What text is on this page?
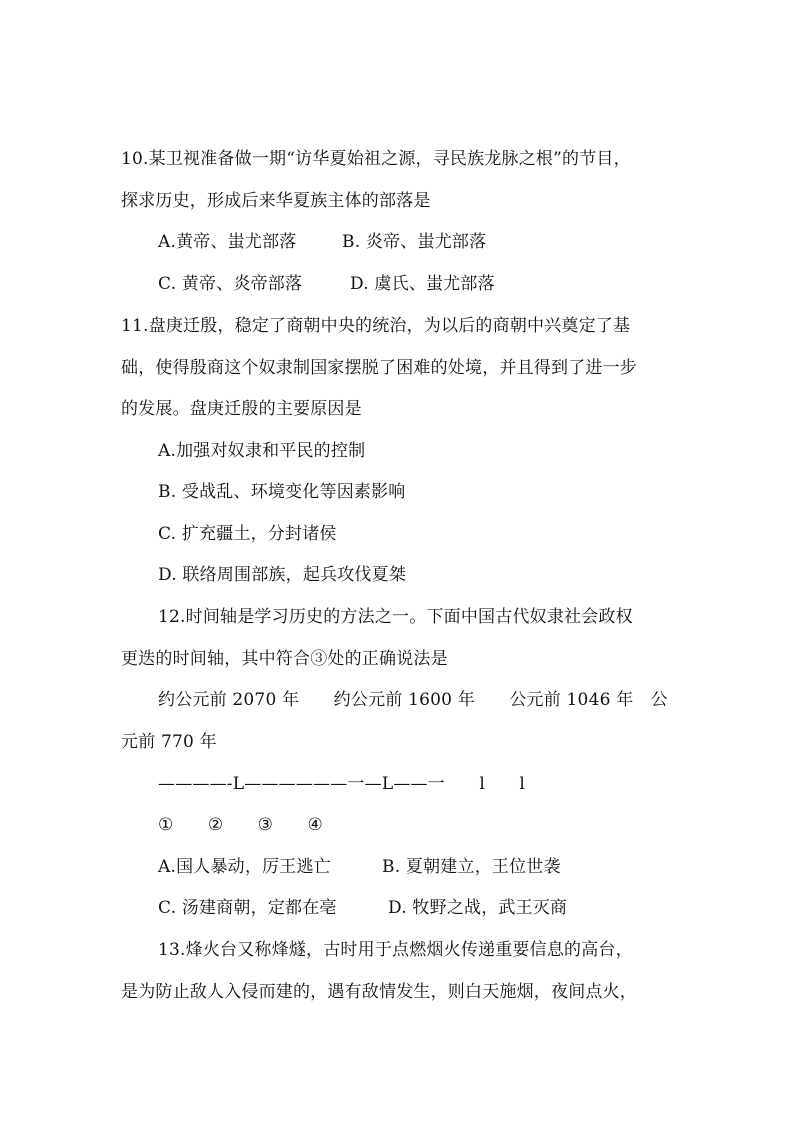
10.某卫视准备做一期“访华夏始祖之源，寻民族龙脉之根”的节目，
探求历史，形成后来华夏族主体的部落是
A.黄帝、蚩尤部落	B. 炎帝、蚩尤部落
C. 黄帝、炎帝部落	D. 虞氏、蚩尤部落
11.盘庚迁殷，稳定了商朝中央的统治，为以后的商朝中兴奠定了基
础，使得殷商这个奴隶制国家摆脱了困难的处境，并且得到了进一步
的发展。盘庚迁殷的主要原因是
A.加强对奴隶和平民的控制
B. 受战乱、环境变化等因素影响
C. 扩充疆土，分封诸侯
D. 联络周围部族，起兵攻伐夏桀
12.时间轴是学习历史的方法之一。下面中国古代奴隶社会政权
更迭的时间轴，其中符合③处的正确说法是
约公元前 2070 年　　约公元前 1600 年　　公元前 1046 年　公
元前 770 年
————-L——————一—L——一　　l　　l
①　　②　　③　　④
A.国人暴动，厉王逃亡	B. 夏朝建立，王位世袭
C. 汤建商朝，定都在亳	D. 牧野之战，武王灭商
13.烽火台又称烽燧，古时用于点燃烟火传递重要信息的高台，
是为防止敌人入侵而建的，遇有敌情发生，则白天施烟，夜间点火，
